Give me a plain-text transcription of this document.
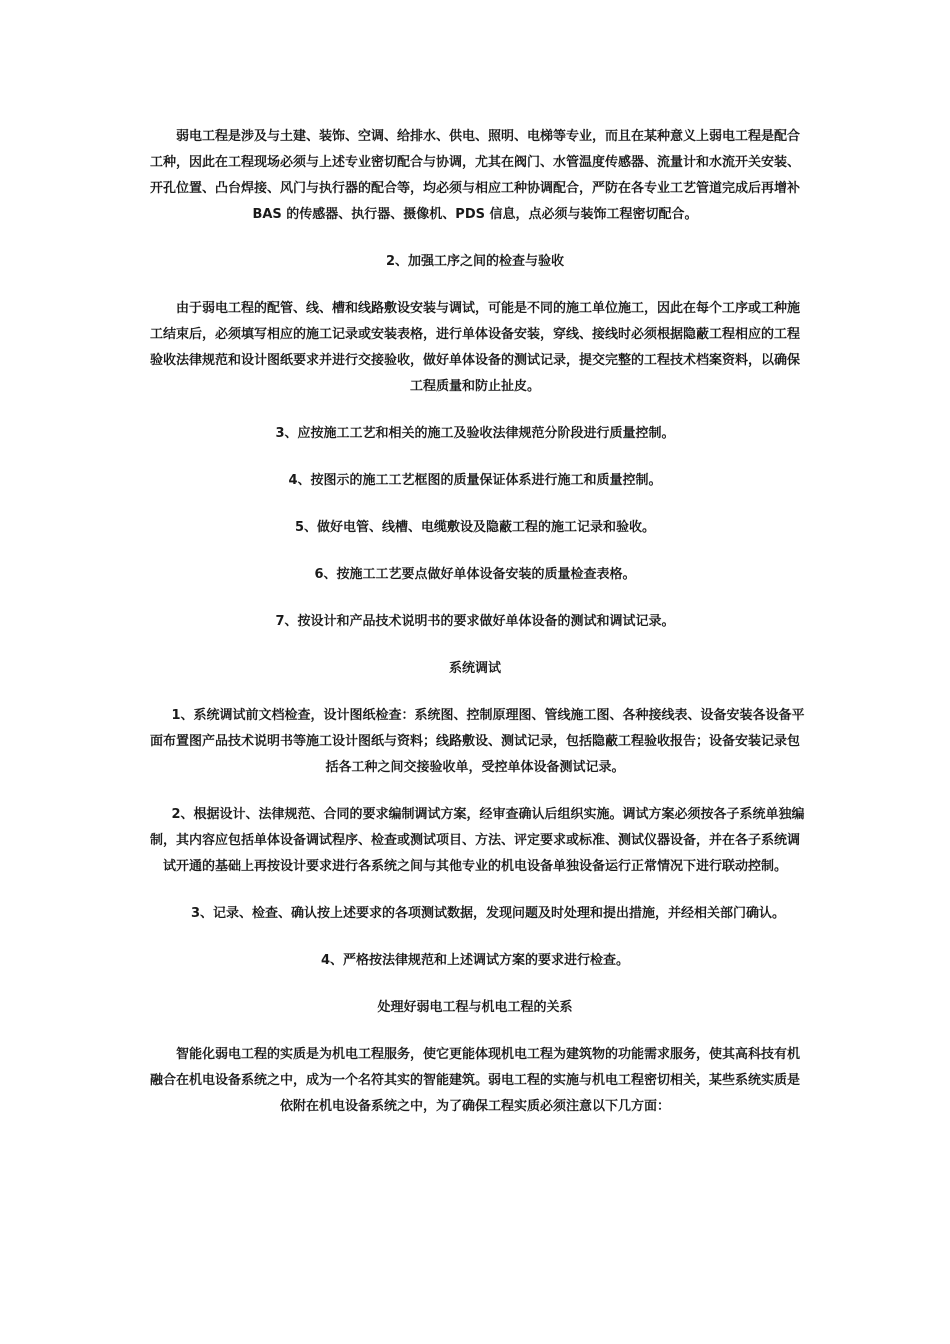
　　弱电工程是涉及与土建、装饰、空调、给排水、供电、照明、电梯等专业，而且在某种意义上弱电工程是配合工种，因此在工程现场必须与上述专业密切配合与协调，尤其在阀门、水管温度传感器、流量计和水流开关安装、开孔位置、凸台焊接、风门与执行器的配合等，均必须与相应工种协调配合，严防在各专业工艺管道完成后再增补 BAS 的传感器、执行器、摄像机、PDS 信息，点必须与装饰工程密切配合。

2、加强工序之间的检查与验收

　　由于弱电工程的配管、线、槽和线路敷设安装与调试，可能是不同的施工单位施工，因此在每个工序或工种施工结束后，必须填写相应的施工记录或安装表格，进行单体设备安装，穿线、接线时必须根据隐蔽工程相应的工程验收法律规范和设计图纸要求并进行交接验收，做好单体设备的测试记录，提交完整的工程技术档案资料，以确保工程质量和防止扯皮。

3、应按施工工艺和相关的施工及验收法律规范分阶段进行质量控制。

4、按图示的施工工艺框图的质量保证体系进行施工和质量控制。

5、做好电管、线槽、电缆敷设及隐蔽工程的施工记录和验收。

6、按施工工艺要点做好单体设备安装的质量检查表格。

7、按设计和产品技术说明书的要求做好单体设备的测试和调试记录。

系统调试

　　1、系统调试前文档检查，设计图纸检查：系统图、控制原理图、管线施工图、各种接线表、设备安装各设备平面布置图产品技术说明书等施工设计图纸与资料；线路敷设、测试记录，包括隐蔽工程验收报告；设备安装记录包括各工种之间交接验收单，受控单体设备测试记录。

　　2、根据设计、法律规范、合同的要求编制调试方案，经审查确认后组织实施。调试方案必须按各子系统单独编制，其内容应包括单体设备调试程序、检查或测试项目、方法、评定要求或标准、测试仪器设备，并在各子系统调试开通的基础上再按设计要求进行各系统之间与其他专业的机电设备单独设备运行正常情况下进行联动控制。

　　3、记录、检查、确认按上述要求的各项测试数据，发现问题及时处理和提出措施，并经相关部门确认。

4、严格按法律规范和上述调试方案的要求进行检查。

处理好弱电工程与机电工程的关系

　　智能化弱电工程的实质是为机电工程服务，使它更能体现机电工程为建筑物的功能需求服务，使其高科技有机融合在机电设备系统之中，成为一个名符其实的智能建筑。弱电工程的实施与机电工程密切相关，某些系统实质是依附在机电设备系统之中，为了确保工程实质必须注意以下几方面：
